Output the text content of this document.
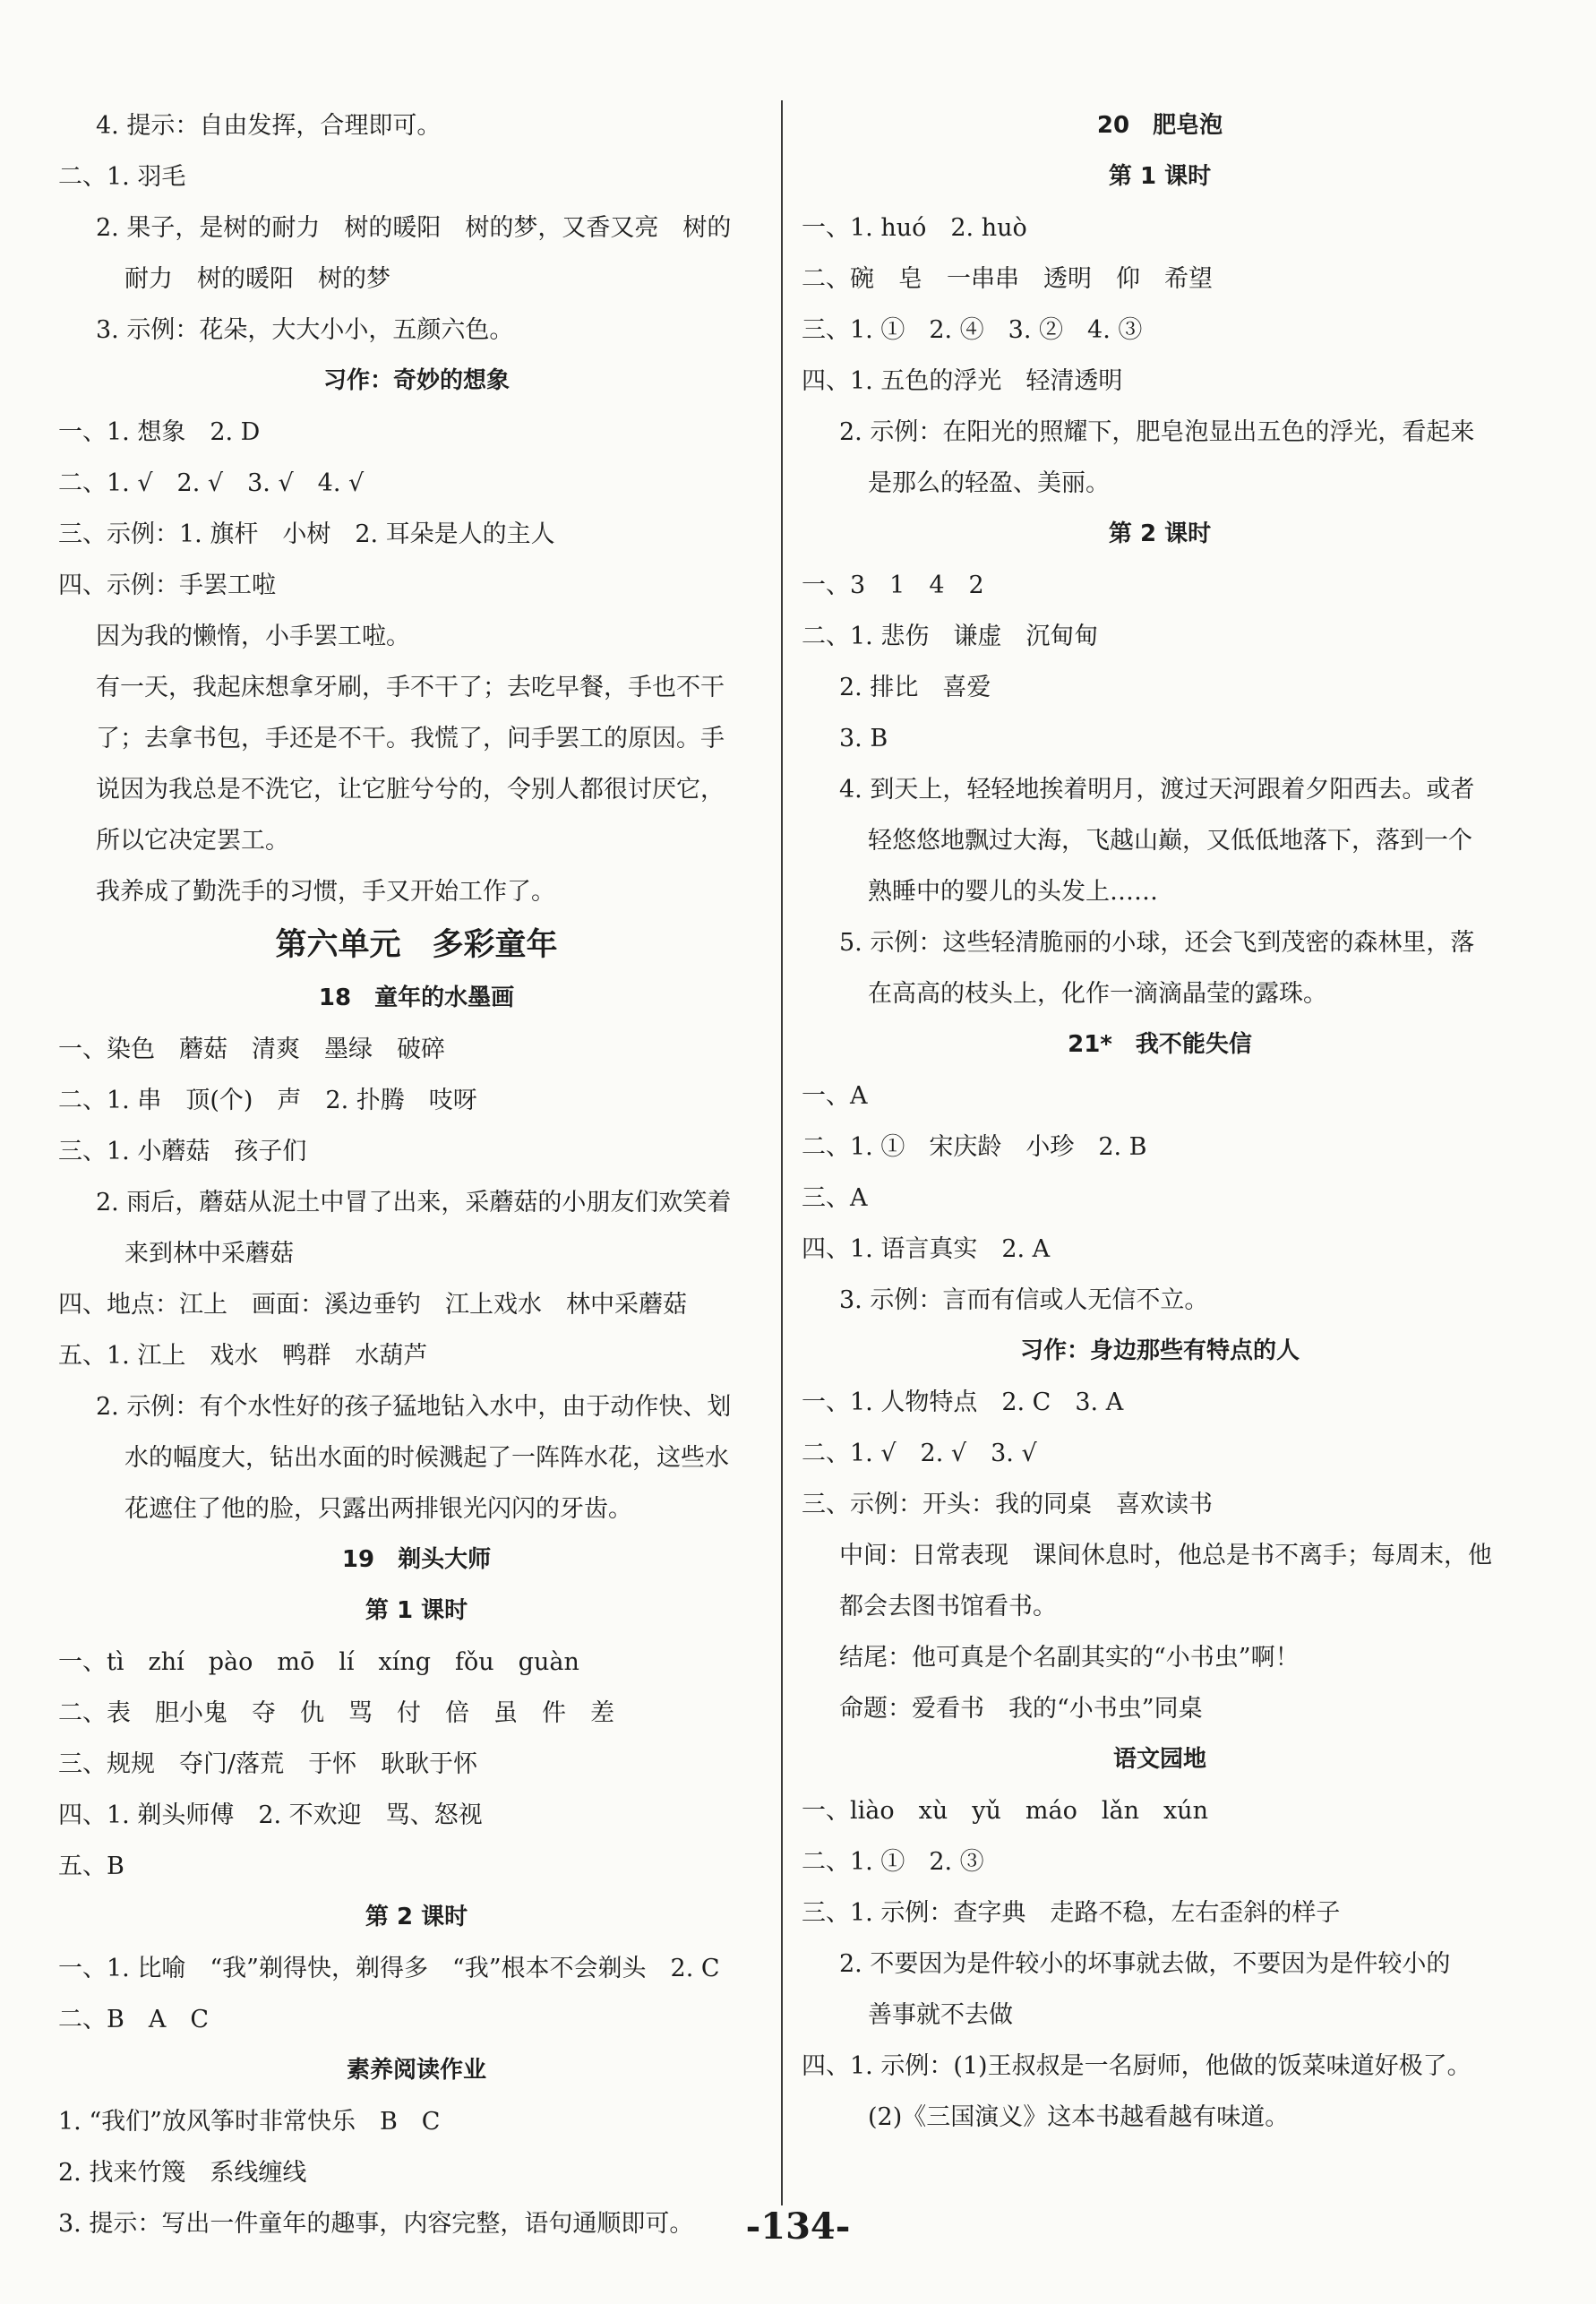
4. 提示：自由发挥，合理即可。
二、1. 羽毛
2. 果子，是树的耐力　树的暖阳　树的梦，又香又亮　树的
耐力　树的暖阳　树的梦
3. 示例：花朵，大大小小，五颜六色。
习作：奇妙的想象
一、1. 想象　2. D
二、1. √　2. √　3. √　4. √
三、示例：1. 旗杆　小树　2. 耳朵是人的主人
四、示例：手罢工啦
因为我的懒惰，小手罢工啦。
有一天，我起床想拿牙刷，手不干了；去吃早餐，手也不干
了；去拿书包，手还是不干。我慌了，问手罢工的原因。手
说因为我总是不洗它，让它脏兮兮的，令别人都很讨厌它，
所以它决定罢工。
我养成了勤洗手的习惯，手又开始工作了。
第六单元　多彩童年
18　童年的水墨画
一、染色　蘑菇　清爽　墨绿　破碎
二、1. 串　顶(个)　声　2. 扑腾　吱呀
三、1. 小蘑菇　孩子们
2. 雨后，蘑菇从泥土中冒了出来，采蘑菇的小朋友们欢笑着
来到林中采蘑菇
四、地点：江上　画面：溪边垂钓　江上戏水　林中采蘑菇
五、1. 江上　戏水　鸭群　水葫芦
2. 示例：有个水性好的孩子猛地钻入水中，由于动作快、划
水的幅度大，钻出水面的时候溅起了一阵阵水花，这些水
花遮住了他的脸，只露出两排银光闪闪的牙齿。
19　剃头大师
第 1 课时
一、tì　zhí　pào　mō　lí　xíng　fǒu　guàn
二、表　胆小鬼　夺　仇　骂　付　倍　虽　件　差
三、规规　夺门/落荒　于怀　耿耿于怀
四、1. 剃头师傅　2. 不欢迎　骂、怒视
五、B
第 2 课时
一、1. 比喻　“我”剃得快，剃得多　“我”根本不会剃头　2. C
二、B　A　C
素养阅读作业
1. “我们”放风筝时非常快乐　B　C
2. 找来竹篾　系线缠线
3. 提示：写出一件童年的趣事，内容完整，语句通顺即可。
20　肥皂泡
第 1 课时
一、1. huó　2. huò
二、碗　皂　一串串　透明　仰　希望
三、1. ①　2. ④　3. ②　4. ③
四、1. 五色的浮光　轻清透明
2. 示例：在阳光的照耀下，肥皂泡显出五色的浮光，看起来
是那么的轻盈、美丽。
第 2 课时
一、3　1　4　2
二、1. 悲伤　谦虚　沉甸甸
2. 排比　喜爱
3. B
4. 到天上，轻轻地挨着明月，渡过天河跟着夕阳西去。或者
轻悠悠地飘过大海，飞越山巅，又低低地落下，落到一个
熟睡中的婴儿的头发上……
5. 示例：这些轻清脆丽的小球，还会飞到茂密的森林里，落
在高高的枝头上，化作一滴滴晶莹的露珠。
21*　我不能失信
一、A
二、1. ①　宋庆龄　小珍　2. B
三、A
四、1. 语言真实　2. A
3. 示例：言而有信或人无信不立。
习作：身边那些有特点的人
一、1. 人物特点　2. C　3. A
二、1. √　2. √　3. √
三、示例：开头：我的同桌　喜欢读书
中间：日常表现　课间休息时，他总是书不离手；每周末，他
都会去图书馆看书。
结尾：他可真是个名副其实的“小书虫”啊！
命题：爱看书　我的“小书虫”同桌
语文园地
一、liào　xù　yǔ　máo　lǎn　xún
二、1. ①　2. ③
三、1. 示例：查字典　走路不稳，左右歪斜的样子
2. 不要因为是件较小的坏事就去做，不要因为是件较小的
善事就不去做
四、1. 示例：(1)王叔叔是一名厨师，他做的饭菜味道好极了。
(2)《三国演义》这本书越看越有味道。
-134-
